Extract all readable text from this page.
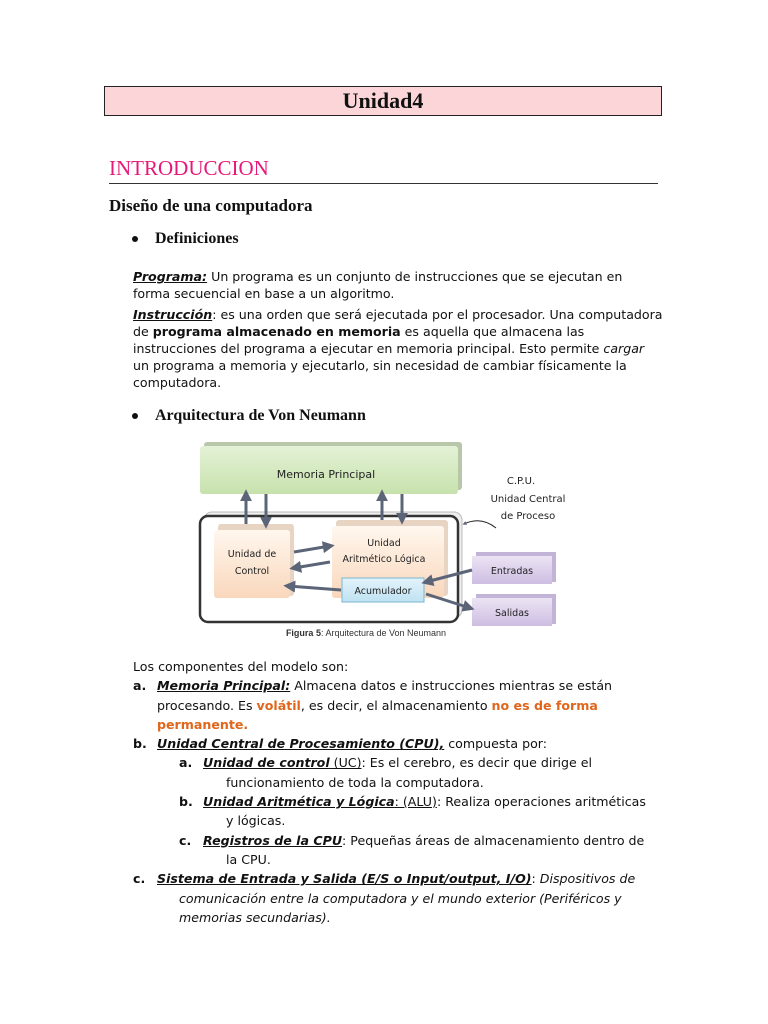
Unidad4
INTRODUCCION
Diseño de una computadora
Definiciones
Programa: Un programa es un conjunto de instrucciones que se ejecutan en forma secuencial en base a un algoritmo.
Instrucción: es una orden que será ejecutada por el procesador. Una computadora de programa almacenado en memoria es aquella que almacena las instrucciones del programa a ejecutar en memoria principal. Esto permite cargar un programa a memoria y ejecutarlo, sin necesidad de cambiar físicamente la computadora.
Arquitectura de Von Neumann
Memoria Principal
C.P.U.
Unidad Central
de Proceso
Unidad de
Control
Unidad
Aritmético Lógica
Acumulador
Entradas
Salidas
Figura 5: Arquitectura de Von Neumann
Los componentes del modelo son:
a. Memoria Principal: Almacena datos e instrucciones mientras se están
procesando. Es volátil, es decir, el almacenamiento no es de forma
permanente.
b. Unidad Central de Procesamiento (CPU), compuesta por:
a. Unidad de control (UC): Es el cerebro, es decir que dirige el
funcionamiento de toda la computadora.
b. Unidad Aritmética y Lógica: (ALU): Realiza operaciones aritméticas
y lógicas.
c. Registros de la CPU: Pequeñas áreas de almacenamiento dentro de
la CPU.
c. Sistema de Entrada y Salida (E/S o Input/output, I/O): Dispositivos de
comunicación entre la computadora y el mundo exterior (Periféricos y
memorias secundarias).
